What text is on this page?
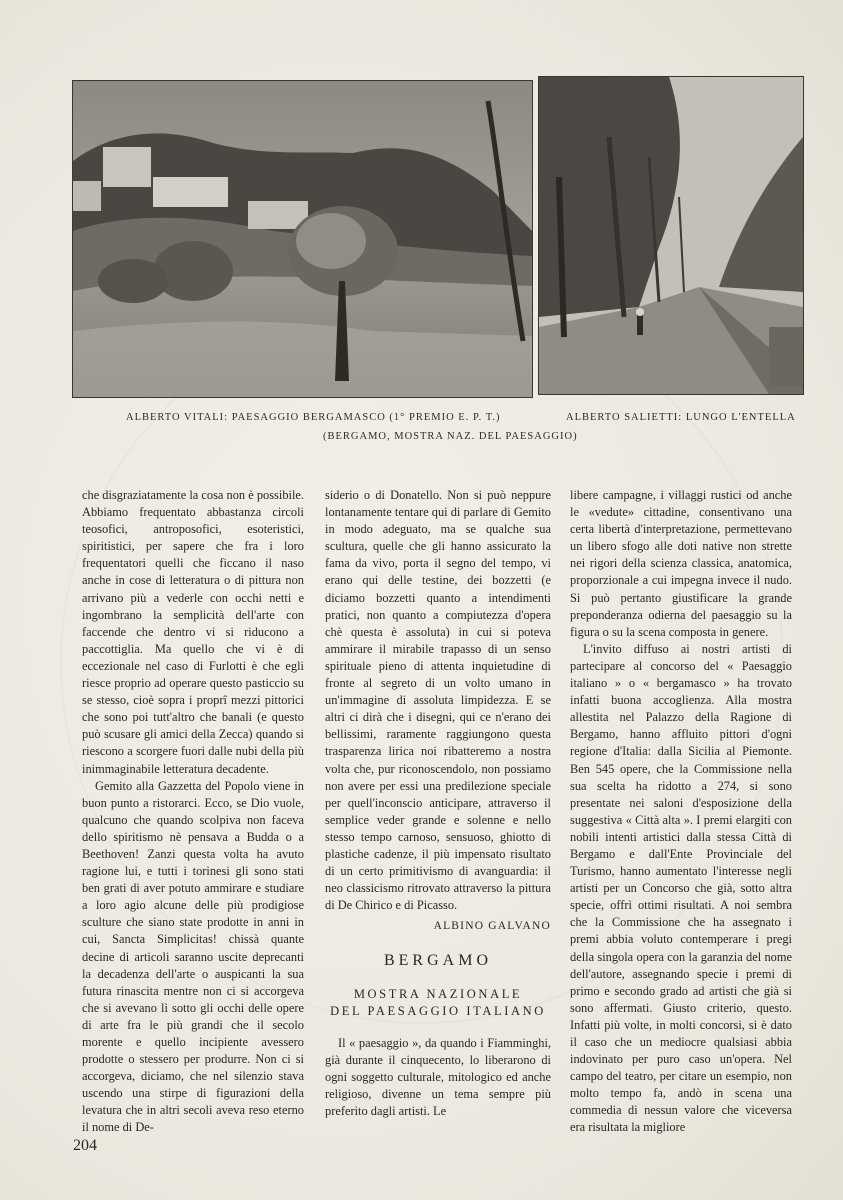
ALBERTO VITALI: PAESAGGIO BERGAMASCO (1° PREMIO E. P. T.)
(BERGAMO, MOSTRA NAZ. DEL PAESAGGIO)
ALBERTO SALIETTI: LUNGO L'ENTELLA

che disgraziatamente la cosa non è possibile. Abbiamo frequentato abbastanza circoli teosofici, antroposofici, esoteristici, spiritistici, per sapere che fra i loro frequentatori quelli che ficcano il naso anche in cose di letteratura o di pittura non arrivano più a vederle con occhi netti e ingombrano la semplicità dell'arte con faccende che dentro vi si riducono a paccottiglia. Ma quello che vi è di eccezionale nel caso di Furlotti è che egli riesce proprio ad operare questo pasticcio su se stesso, cioè sopra i proprî mezzi pittorici che sono poi tutt'altro che banali (e questo può scusare gli amici della Zecca) quando si riescono a scorgere fuori dalle nubi della più inimmaginabile letteratura decadente.

Gemito alla Gazzetta del Popolo viene in buon punto a ristorarci. Ecco, se Dio vuole, qualcuno che quando scolpiva non faceva dello spiritismo nè pensava a Budda o a Beethoven! Zanzi questa volta ha avuto ragione lui, e tutti i torinesi gli sono stati ben grati di aver potuto ammirare e studiare a loro agio alcune delle più prodigiose sculture che siano state prodotte in anni in cui, Sancta Simplicitas! chissà quante decine di articoli saranno uscite deprecanti la decadenza dell'arte o auspicanti la sua futura rinascita mentre non ci si accorgeva che si avevano lì sotto gli occhi delle opere di arte fra le più grandi che il secolo morente e quello incipiente avessero prodotte o stessero per produrre. Non ci si accorgeva, diciamo, che nel silenzio stava uscendo una stirpe di figurazioni della levatura che in altri secoli aveva reso eterno il nome di De-

siderio o di Donatello. Non si può neppure lontanamente tentare qui di parlare di Gemito in modo adeguato, ma se qualche sua scultura, quelle che gli hanno assicurato la fama da vivo, porta il segno del tempo, vi erano qui delle testine, dei bozzetti (e diciamo bozzetti quanto a intendimenti pratici, non quanto a compiutezza d'opera chè questa è assoluta) in cui si poteva ammirare il mirabile trapasso di un senso spirituale pieno di attenta inquietudine di fronte al segreto di un volto umano in un'immagine di assoluta limpidezza. E se altri ci dirà che i disegni, qui ce n'erano dei bellissimi, raramente raggiungono questa trasparenza lirica noi ribatteremo a nostra volta che, pur riconoscendolo, non possiamo non avere per essi una predilezione speciale per quell'inconscio anticipare, attraverso il semplice veder grande e solenne e nello stesso tempo carnoso, sensuoso, ghiotto di plastiche cadenze, il più impensato risultato di un certo primitivismo di avanguardia: il neo classicismo ritrovato attraverso la pittura di De Chirico e di Picasso.

ALBINO GALVANO
BERGAMO
MOSTRA NAZIONALE
DEL PAESAGGIO ITALIANO

Il « paesaggio », da quando i Fiamminghi, già durante il cinquecento, lo liberarono di ogni soggetto culturale, mitologico ed anche religioso, divenne un tema sempre più preferito dagli artisti. Le

libere campagne, i villaggi rustici od anche le «vedute» cittadine, consentivano una certa libertà d'interpretazione, permettevano un libero sfogo alle doti native non strette nei rigori della scienza classica, anatomica, proporzionale a cui impegna invece il nudo. Si può pertanto giustificare la grande preponderanza odierna del paesaggio su la figura o su la scena composta in genere.

L'invito diffuso ai nostri artisti di partecipare al concorso del « Paesaggio italiano » o « bergamasco » ha trovato infatti buona accoglienza. Alla mostra allestita nel Palazzo della Ragione di Bergamo, hanno affluito pittori d'ogni regione d'Italia: dalla Sicilia al Piemonte. Ben 545 opere, che la Commissione nella sua scelta ha ridotto a 274, si sono presentate nei saloni d'esposizione della suggestiva « Città alta ». I premi elargiti con nobili intenti artistici dalla stessa Città di Bergamo e dall'Ente Provinciale del Turismo, hanno aumentato l'interesse negli artisti per un Concorso che già, sotto altra specie, offrì ottimi risultati. A noi sembra che la Commissione che ha assegnato i premi abbia voluto contemperare i pregi della singola opera con la garanzia del nome dell'autore, assegnando specie i premi di primo e secondo grado ad artisti che già si sono affermati. Giusto criterio, questo. Infatti più volte, in molti concorsi, si è dato il caso che un mediocre qualsiasi abbia indovinato per puro caso un'opera. Nel campo del teatro, per citare un esempio, non molto tempo fa, andò in scena una commedia di nessun valore che viceversa era risultata la migliore

204
